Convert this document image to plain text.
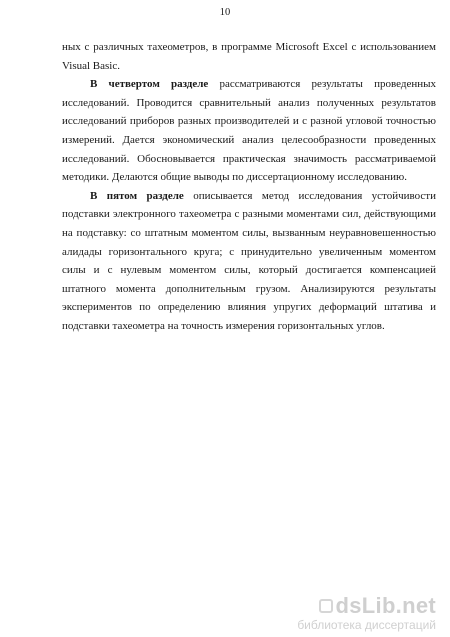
10

ных с различных тахеометров, в программе Microsoft Excel с использованием Visual Basic.

В четвертом разделе рассматриваются результаты проведенных исследований. Проводится сравнительный анализ полученных результатов исследований приборов разных производителей и с разной угловой точностью измерений. Дается экономический анализ целесообразности проведенных исследований. Обосновывается практическая значимость рассматриваемой методики. Делаются общие выводы по диссертационному исследованию.

В пятом разделе описывается метод исследования устойчивости подставки электронного тахеометра с разными моментами сил, действующими на подставку: со штатным моментом силы, вызванным неуравновешенностью алидады горизонтального круга; с принудительно увеличенным моментом силы и с нулевым моментом силы, который достигается компенсацией штатного момента дополнительным грузом. Анализируются результаты экспериментов по определению влияния упругих деформаций штатива и подставки тахеометра на точность измерения горизонтальных углов.

dsLib.net
библиотека диссертаций
